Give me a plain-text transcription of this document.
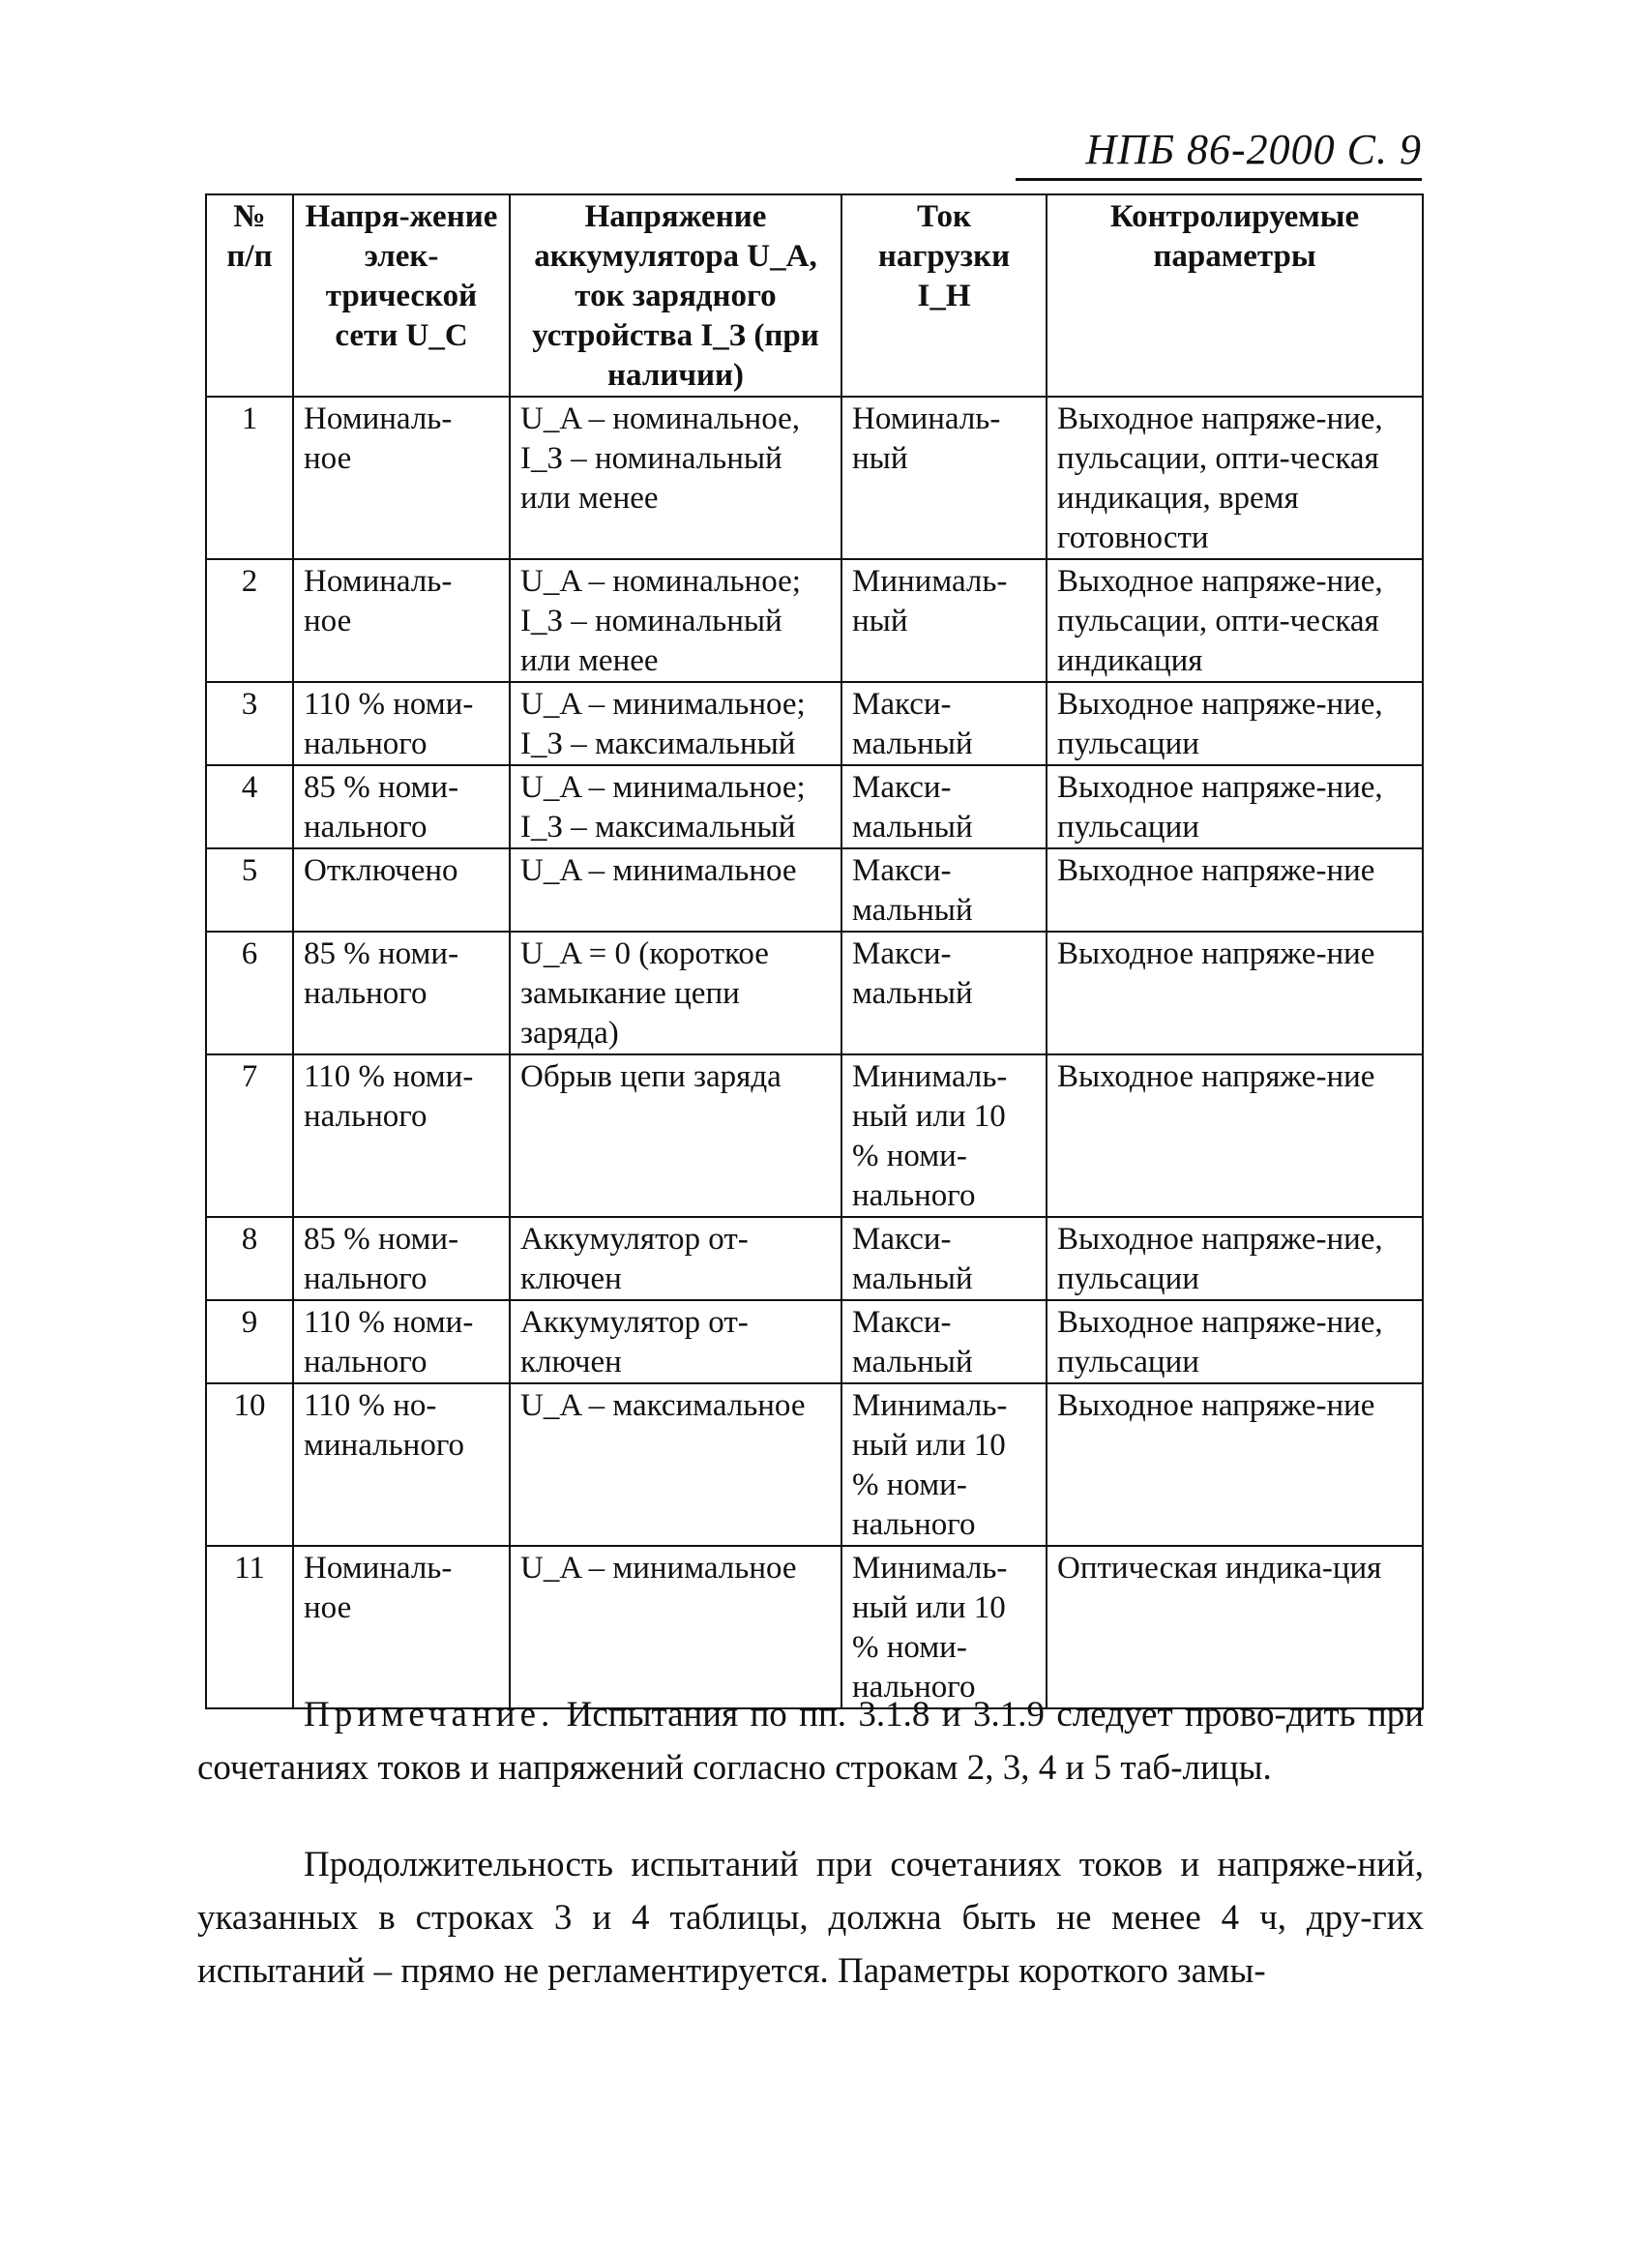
НПБ 86-2000 С. 9
№ п/п	Напря-жение элек-трической сети U_C	Напряжение аккумулятора U_A, ток зарядного устройства I_З (при наличии)	Ток нагрузки I_Н	Контролируемые параметры
1	Номиналь-ное	U_A – номинальное, I_З – номинальный или менее	Номиналь-ный	Выходное напряже-ние, пульсации, опти-ческая индикация, время готовности
2	Номиналь-ное	U_A – номинальное; I_З – номинальный или менее	Минималь-ный	Выходное напряже-ние, пульсации, опти-ческая индикация
3	110 % номи-нального	U_A – минимальное; I_З – максимальный	Макси-мальный	Выходное напряже-ние, пульсации
4	85 % номи-нального	U_A – минимальное; I_З – максимальный	Макси-мальный	Выходное напряже-ние, пульсации
5	Отключено	U_A – минимальное	Макси-мальный	Выходное напряже-ние
6	85 % номи-нального	U_A = 0 (короткое замыкание цепи заряда)	Макси-мальный	Выходное напряже-ние
7	110 % номи-нального	Обрыв цепи заряда	Минималь-ный или 10 % номи-нального	Выходное напряже-ние
8	85 % номи-нального	Аккумулятор от-ключен	Макси-мальный	Выходное напряже-ние, пульсации
9	110 % номи-нального	Аккумулятор от-ключен	Макси-мальный	Выходное напряже-ние, пульсации
10	110 % но-минального	U_A – максимальное	Минималь-ный или 10 % номи-нального	Выходное напряже-ние
11	Номиналь-ное	U_A – минимальное	Минималь-ный или 10 % номи-нального	Оптическая индика-ция
Примечание. Испытания по пп. 3.1.8 и 3.1.9 следует прово-дить при сочетаниях токов и напряжений согласно строкам 2, 3, 4 и 5 таб-лицы.
Продолжительность испытаний при сочетаниях токов и напряже-ний, указанных в строках 3 и 4 таблицы, должна быть не менее 4 ч, дру-гих испытаний – прямо не регламентируется. Параметры короткого замы-
